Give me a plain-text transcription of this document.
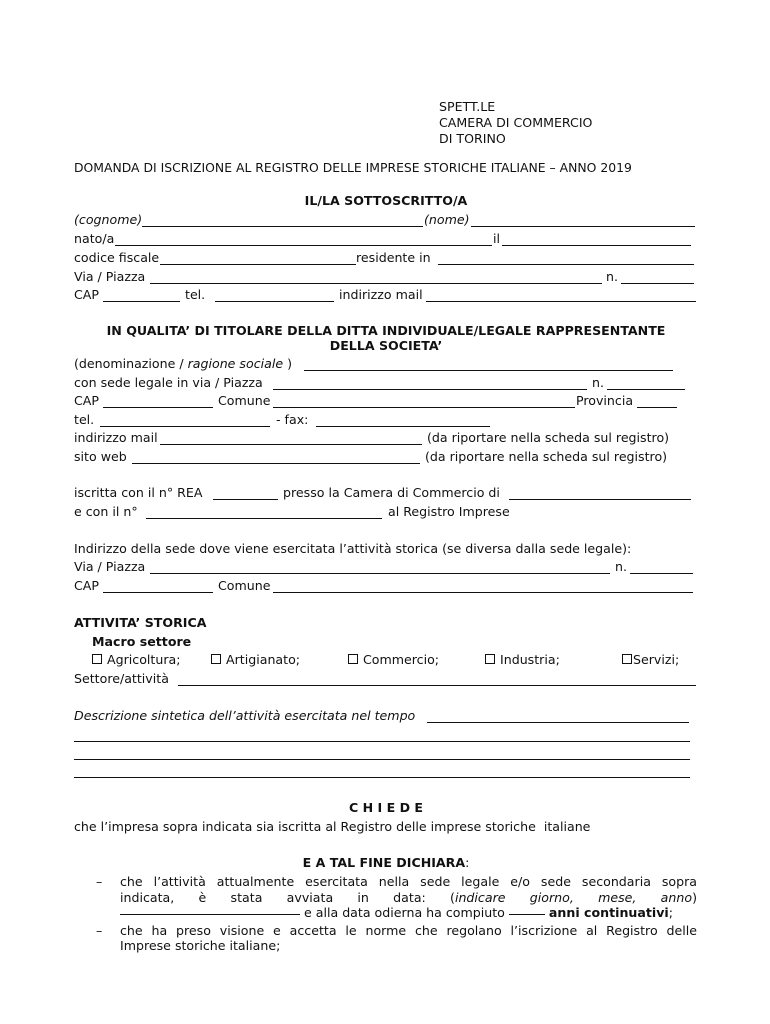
SPETT.LE
CAMERA DI COMMERCIO
DI TORINO
DOMANDA DI ISCRIZIONE AL REGISTRO DELLE IMPRESE STORICHE ITALIANE – ANNO 2019
IL/LA SOTTOSCRITTO/A
(cognome)	(nome)
nato/a	il
codice fiscale	residente in
Via / Piazza	n.
CAP	tel.	indirizzo mail
IN QUALITA’ DI TITOLARE DELLA DITTA INDIVIDUALE/LEGALE RAPPRESENTANTE
DELLA SOCIETA’
(denominazione / ragione sociale )
con sede legale in via / Piazza	n.
CAP	Comune	Provincia
tel.	- fax:
indirizzo mail	(da riportare nella scheda sul registro)
sito web	(da riportare nella scheda sul registro)
iscritta con il n° REA	presso la Camera di Commercio di
e con il n°	al Registro Imprese
Indirizzo della sede dove viene esercitata l’attività storica (se diversa dalla sede legale):
Via / Piazza	n.
CAP	Comune
ATTIVITA’ STORICA
Macro settore
Agricoltura;	Artigianato;	Commercio;	Industria;	Servizi;
Settore/attività
Descrizione sintetica dell’attività esercitata nel tempo
C H I E D E
che l’impresa sopra indicata sia iscritta al Registro delle imprese storiche  italiane
E A TAL FINE DICHIARA:
– che l’attività attualmente esercitata nella sede legale e/o sede secondaria sopra
indicata, è stata avviata in data: (indicare giorno, mese, anno)
e alla data odierna ha compiuto	anni continuativi;
– che ha preso visione e accetta le norme che regolano l’iscrizione al Registro delle
Imprese storiche italiane;
